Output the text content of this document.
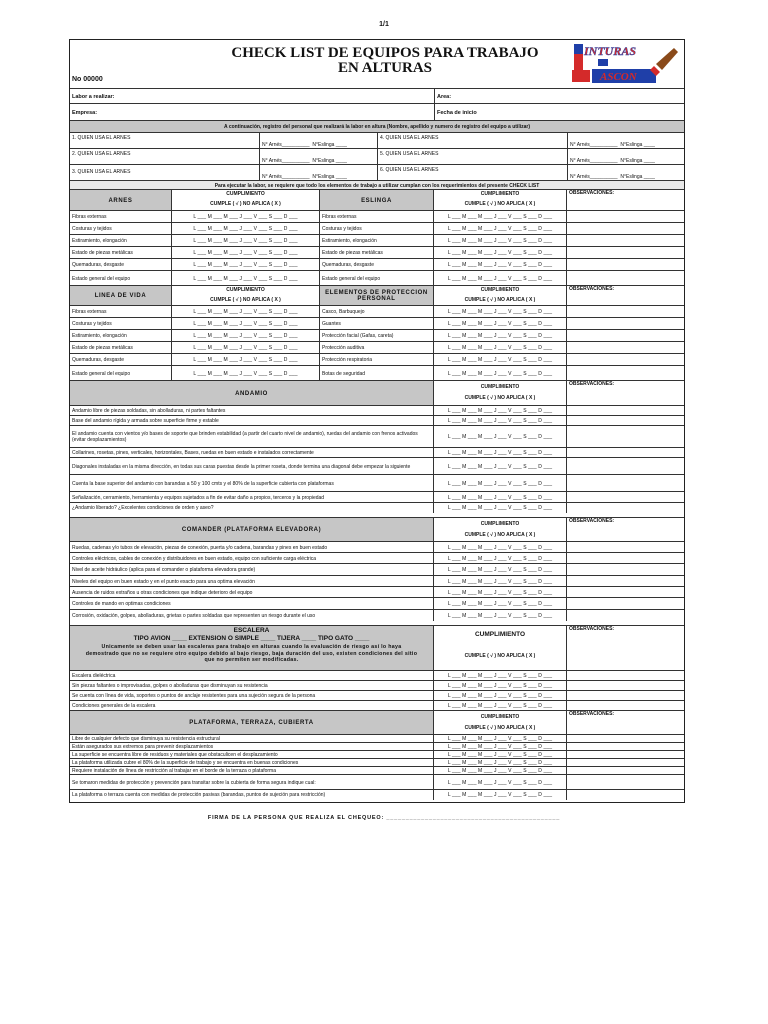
1/1
CHECK LIST DE EQUIPOS PARA TRABAJO
EN ALTURAS
No 00000
INTURAS
ASCON
Labor a realizar:	Area:
Empresa:	Fecha de inicio
A continuación, registro del personal que realizará la labor en altura (Nombre, apellido y numero de registro del equipo a utilizar)
1. QUIEN USA EL ARNES
N° Arnés__________ N°Eslinga ____
4. QUIEN USA EL ARNES
N° Arnés__________ N°Eslinga ____
2. QUIEN USA EL ARNES
N° Arnés__________ N°Eslinga ____
5. QUIEN USA EL ARNES
N° Arnés__________ N°Eslinga ____
3. QUIEN USA EL ARNES
N° Arnés__________ N°Eslinga ____
6. QUIEN USA EL ARNES
N° Arnés__________ N°Eslinga ____
Para ejecutar la labor, se requiere que todo los elementos de trabajo a utilizar cumplan con los requerimientos del presente CHECK LIST
ARNES
CUMPLIMIENTO
CUMPLE ( √ ) NO APLICA ( X )
ESLINGA
CUMPLIMIENTO
CUMPLE ( √ ) NO APLICA ( X )
OBSERVACIONES:
Fibras externas	L ___ M ___ M ___ J ___ V ___ S ___ D ___	Fibras externas	L ___ M ___ M ___ J ___ V ___ S ___ D ___
Costuras y tejidos	L ___ M ___ M ___ J ___ V ___ S ___ D ___	Costuras y tejidos	L ___ M ___ M ___ J ___ V ___ S ___ D ___
Estiramiento, elongación	L ___ M ___ M ___ J ___ V ___ S ___ D ___	Estiramiento, elongación	L ___ M ___ M ___ J ___ V ___ S ___ D ___
Estado de piezas metálicas	L ___ M ___ M ___ J ___ V ___ S ___ D ___	Estado de piezas metálicas	L ___ M ___ M ___ J ___ V ___ S ___ D ___
Quemaduras, desgaste	L ___ M ___ M ___ J ___ V ___ S ___ D ___	Quemaduras, desgaste	L ___ M ___ M ___ J ___ V ___ S ___ D ___
Estado general del equipo	L ___ M ___ M ___ J ___ V ___ S ___ D ___	Estado general del equipo	L ___ M ___ M ___ J ___ V ___ S ___ D ___
LINEA DE VIDA
CUMPLIMIENTO
CUMPLE ( √ ) NO APLICA ( X )
ELEMENTOS DE PROTECCION PERSONAL
CUMPLIMIENTO
CUMPLE ( √ ) NO APLICA ( X )
OBSERVACIONES:
Fibras externas	L ___ M ___ M ___ J ___ V ___ S ___ D ___	Casco, Barbuquejo	L ___ M ___ M ___ J ___ V ___ S ___ D ___
Costuras y tejidos	L ___ M ___ M ___ J ___ V ___ S ___ D ___	Guantes	L ___ M ___ M ___ J ___ V ___ S ___ D ___
Estiramiento, elongación	L ___ M ___ M ___ J ___ V ___ S ___ D ___	Protección facial (Gafas, careta)	L ___ M ___ M ___ J ___ V ___ S ___ D ___
Estado de piezas metálicas	L ___ M ___ M ___ J ___ V ___ S ___ D ___	Protección auditiva	L ___ M ___ M ___ J ___ V ___ S ___ D ___
Quemaduras, desgaste	L ___ M ___ M ___ J ___ V ___ S ___ D ___	Protección respiratoria	L ___ M ___ M ___ J ___ V ___ S ___ D ___
Estado general del equipo	L ___ M ___ M ___ J ___ V ___ S ___ D ___	Botas de seguridad	L ___ M ___ M ___ J ___ V ___ S ___ D ___
ANDAMIO
CUMPLIMIENTO
CUMPLE ( √ ) NO APLICA ( X )
OBSERVACIONES:
Andamio libre de piezas soldadas, sin abolladuras, ni partes faltantes	L ___ M ___ M ___ J ___ V ___ S ___ D ___
Base del andamio rígida y armada sobre superficie firme y estable	L ___ M ___ M ___ J ___ V ___ S ___ D ___
El andamio cuenta con vientos y/o bases de soporte que brinden estabilidad (a partir del cuarto nivel de andamio), ruedas del andamio con frenos activados (evitar desplazamientos)	L ___ M ___ M ___ J ___ V ___ S ___ D ___
Collarines, rosetas, pines, verticales, horizontales, Bases, ruedas en buen estado e instalados correctamente	L ___ M ___ M ___ J ___ V ___ S ___ D ___
Diagonales instaladas en la misma dirección, en todas sus caras puestas desde la primer roseta, donde termina una diagonal debe empezar la siguiente	L ___ M ___ M ___ J ___ V ___ S ___ D ___
Cuenta la base superior del andamio con barandas a 50 y 100 cmts y el 80% de la superficie cubierta con plataformas	L ___ M ___ M ___ J ___ V ___ S ___ D ___
Señalización, cerramiento, herramienta y equipos sujetados a fin de evitar daño a propios, terceros y la propiedad	L ___ M ___ M ___ J ___ V ___ S ___ D ___
¿Andamio liberado? ¿Excelentes condiciones de orden y aseo?	L ___ M ___ M ___ J ___ V ___ S ___ D ___
COMANDER (PLATAFORMA ELEVADORA)
CUMPLIMIENTO
CUMPLE ( √ ) NO APLICA ( X )
OBSERVACIONES:
Ruedas, cadenas y/o tubos de elevación, piezas de conexión, puerta y/o cadena, barandas y pines en buen estado	L ___ M ___ M ___ J ___ V ___ S ___ D ___
Controles eléctricos, cables de conexión y distribuidores en buen estado, equipo con suficiente carga eléctrica	L ___ M ___ M ___ J ___ V ___ S ___ D ___
Nivel de aceite hidráulico (aplica para el comander o plataforma elevadora grande)	L ___ M ___ M ___ J ___ V ___ S ___ D ___
Niveles del equipo en buen estado y en el punto exacto para una optima elevación	L ___ M ___ M ___ J ___ V ___ S ___ D ___
Ausencia de ruidos extraños u otras condiciones que indique deterioro del equipo	L ___ M ___ M ___ J ___ V ___ S ___ D ___
Controles de mando en optimas condiciones	L ___ M ___ M ___ J ___ V ___ S ___ D ___
Corrosión, oxidación, golpes, abolladuras, grietas o partes soldadas que representen un riesgo durante el uso	L ___ M ___ M ___ J ___ V ___ S ___ D ___
ESCALERA
TIPO AVION ____ EXTENSION O SIMPLE ____ TIJERA ____ TIPO GATO ____
Unicamente se deben usar las escaleras para trabajo en alturas cuando la evaluación de riesgo así lo haya demostrado que no se requiere otro equipo debido al bajo riesgo, baja duración del uso, existen condiciones del sitio que no permiten ser modificadas.
CUMPLIMIENTO
CUMPLE ( √ ) NO APLICA ( X )
OBSERVACIONES:
Escalera dieléctrica	L ___ M ___ M ___ J ___ V ___ S ___ D ___
Sin piezas faltantes o improvisadas, golpes o abolladuras que disminuyan su resistencia	L ___ M ___ M ___ J ___ V ___ S ___ D ___
Se cuenta con línea de vida, soportes o puntos de anclaje resistentes para una sujeción segura de la persona	L ___ M ___ M ___ J ___ V ___ S ___ D ___
Condiciones generales de la escalera	L ___ M ___ M ___ J ___ V ___ S ___ D ___
PLATAFORMA, TERRAZA, CUBIERTA
CUMPLIMIENTO
CUMPLE ( √ ) NO APLICA ( X )
OBSERVACIONES:
Libre de cualquier defecto que disminuya su resistencia estructural	L ___ M ___ M ___ J ___ V ___ S ___ D ___
Están asegurados sus extremos para prevenir desplazamientos	L ___ M ___ M ___ J ___ V ___ S ___ D ___
La superficie se encuentra libre de residuos y materiales que obstaculicen el desplazamiento	L ___ M ___ M ___ J ___ V ___ S ___ D ___
La plataforma utilizada cubre el 80% de la superficie de trabajo y se encuentra en buenas condiciones	L ___ M ___ M ___ J ___ V ___ S ___ D ___
Requiere instalación de línea de restricción al trabajar en el borde de la terraza o plataforma	L ___ M ___ M ___ J ___ V ___ S ___ D ___
Se tomaron medidas de protección y prevención para transitar sobre la cubierta de forma segura indique cual:	L ___ M ___ M ___ J ___ V ___ S ___ D ___
La plataforma o terraza cuenta con medidas de protección pasivas (barandas, puntos de sujeción para restricción)	L ___ M ___ M ___ J ___ V ___ S ___ D ___
FIRMA DE LA PERSONA QUE REALIZA EL CHEQUEO: _____________________________________________
